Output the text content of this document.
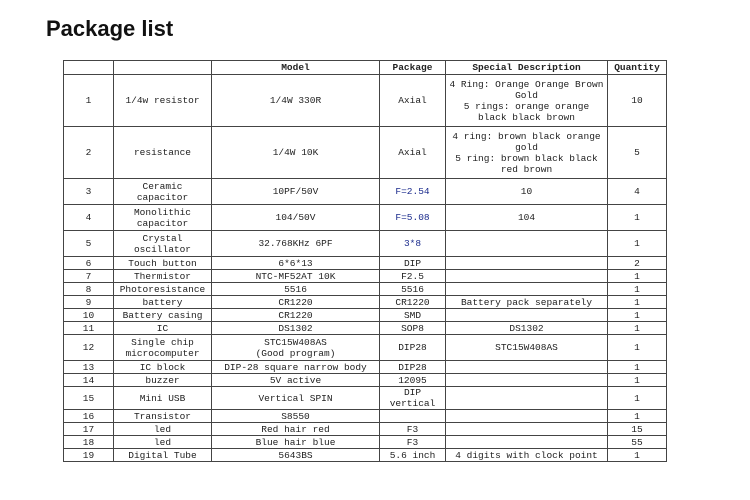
Package list
		Model	Package	Special Description	Quantity
1	1/4w resistor	1/4W 330R	Axial	4 Ring: Orange Orange Brown Gold
5 rings: orange orange black black brown	10
2	resistance	1/4W 10K	Axial	4 ring: brown black orange gold
5 ring: brown black black red brown	5
3	Ceramic capacitor	10PF/50V	F=2.54	10	4
4	Monolithic capacitor	104/50V	F=5.08	104	1
5	Crystal oscillator	32.768KHz 6PF	3*8		1
6	Touch button	6*6*13	DIP		2
7	Thermistor	NTC-MF52AT 10K	F2.5		1
8	Photoresistance	5516	5516		1
9	battery	CR1220	CR1220	Battery pack separately	1
10	Battery casing	CR1220	SMD		1
11	IC	DS1302	SOP8	DS1302	1
12	Single chip microcomputer	STC15W408AS
(Good program)	DIP28	STC15W408AS	1
13	IC block	DIP-28 square narrow body	DIP28		1
14	buzzer	5V active	12095		1
15	Mini USB	Vertical SPIN	DIP vertical		1
16	Transistor	S8550			1
17	led	Red hair red	F3		15
18	led	Blue hair blue	F3		55
19	Digital Tube	5643BS	5.6 inch	4 digits with clock point	1
